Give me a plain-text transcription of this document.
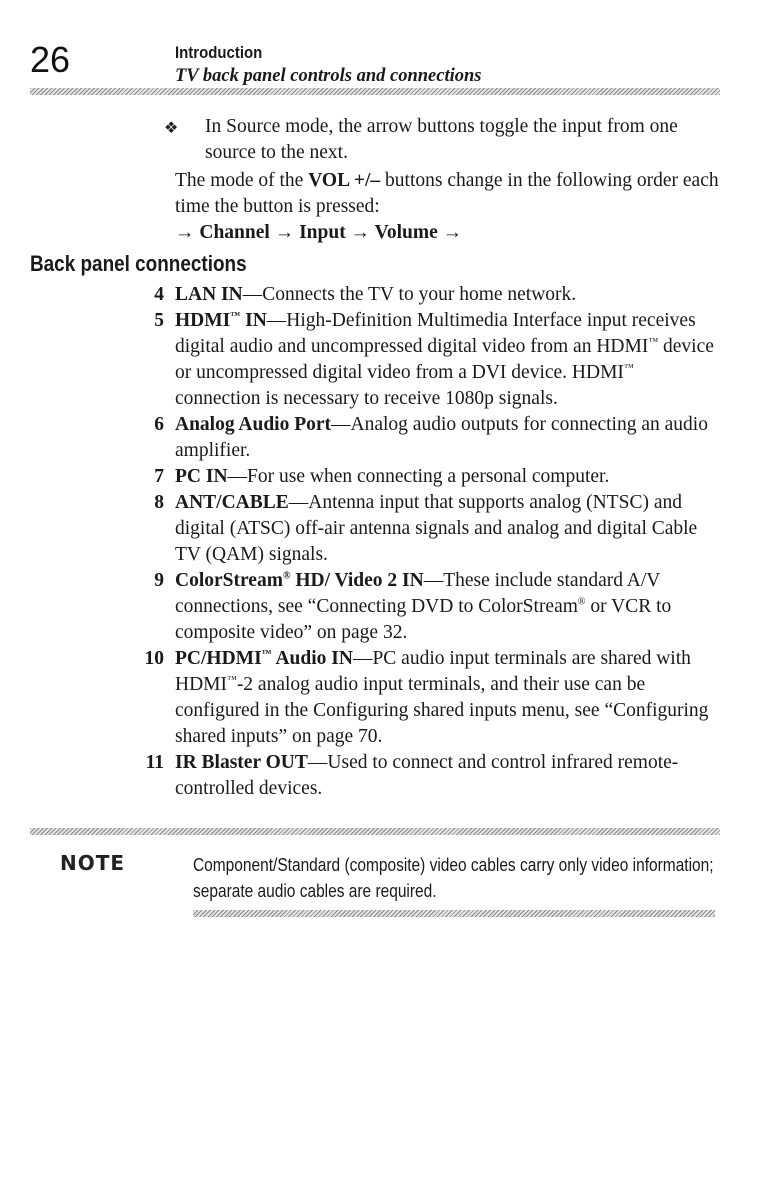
26	Introduction
TV back panel controls and connections
❖ In Source mode, the arrow buttons toggle the input from one source to the next.
The mode of the VOL +/– buttons change in the following order each time the button is pressed:
→ Channel → Input → Volume →
Back panel connections
4 LAN IN—Connects the TV to your home network.
5 HDMI™ IN—High-Definition Multimedia Interface input receives digital audio and uncompressed digital video from an HDMI™ device or uncompressed digital video from a DVI device. HDMI™ connection is necessary to receive 1080p signals.
6 Analog Audio Port—Analog audio outputs for connecting an audio amplifier.
7 PC IN—For use when connecting a personal computer.
8 ANT/CABLE—Antenna input that supports analog (NTSC) and digital (ATSC) off-air antenna signals and analog and digital Cable TV (QAM) signals.
9 ColorStream® HD/ Video 2 IN—These include standard A/V connections, see “Connecting DVD to ColorStream® or VCR to composite video” on page 32.
10 PC/HDMI™ Audio IN—PC audio input terminals are shared with HDMI™-2 analog audio input terminals, and their use can be configured in the Configuring shared inputs menu, see “Configuring shared inputs” on page 70.
11 IR Blaster OUT—Used to connect and control infrared remote-controlled devices.
NOTE	Component/Standard (composite) video cables carry only video information; separate audio cables are required.
